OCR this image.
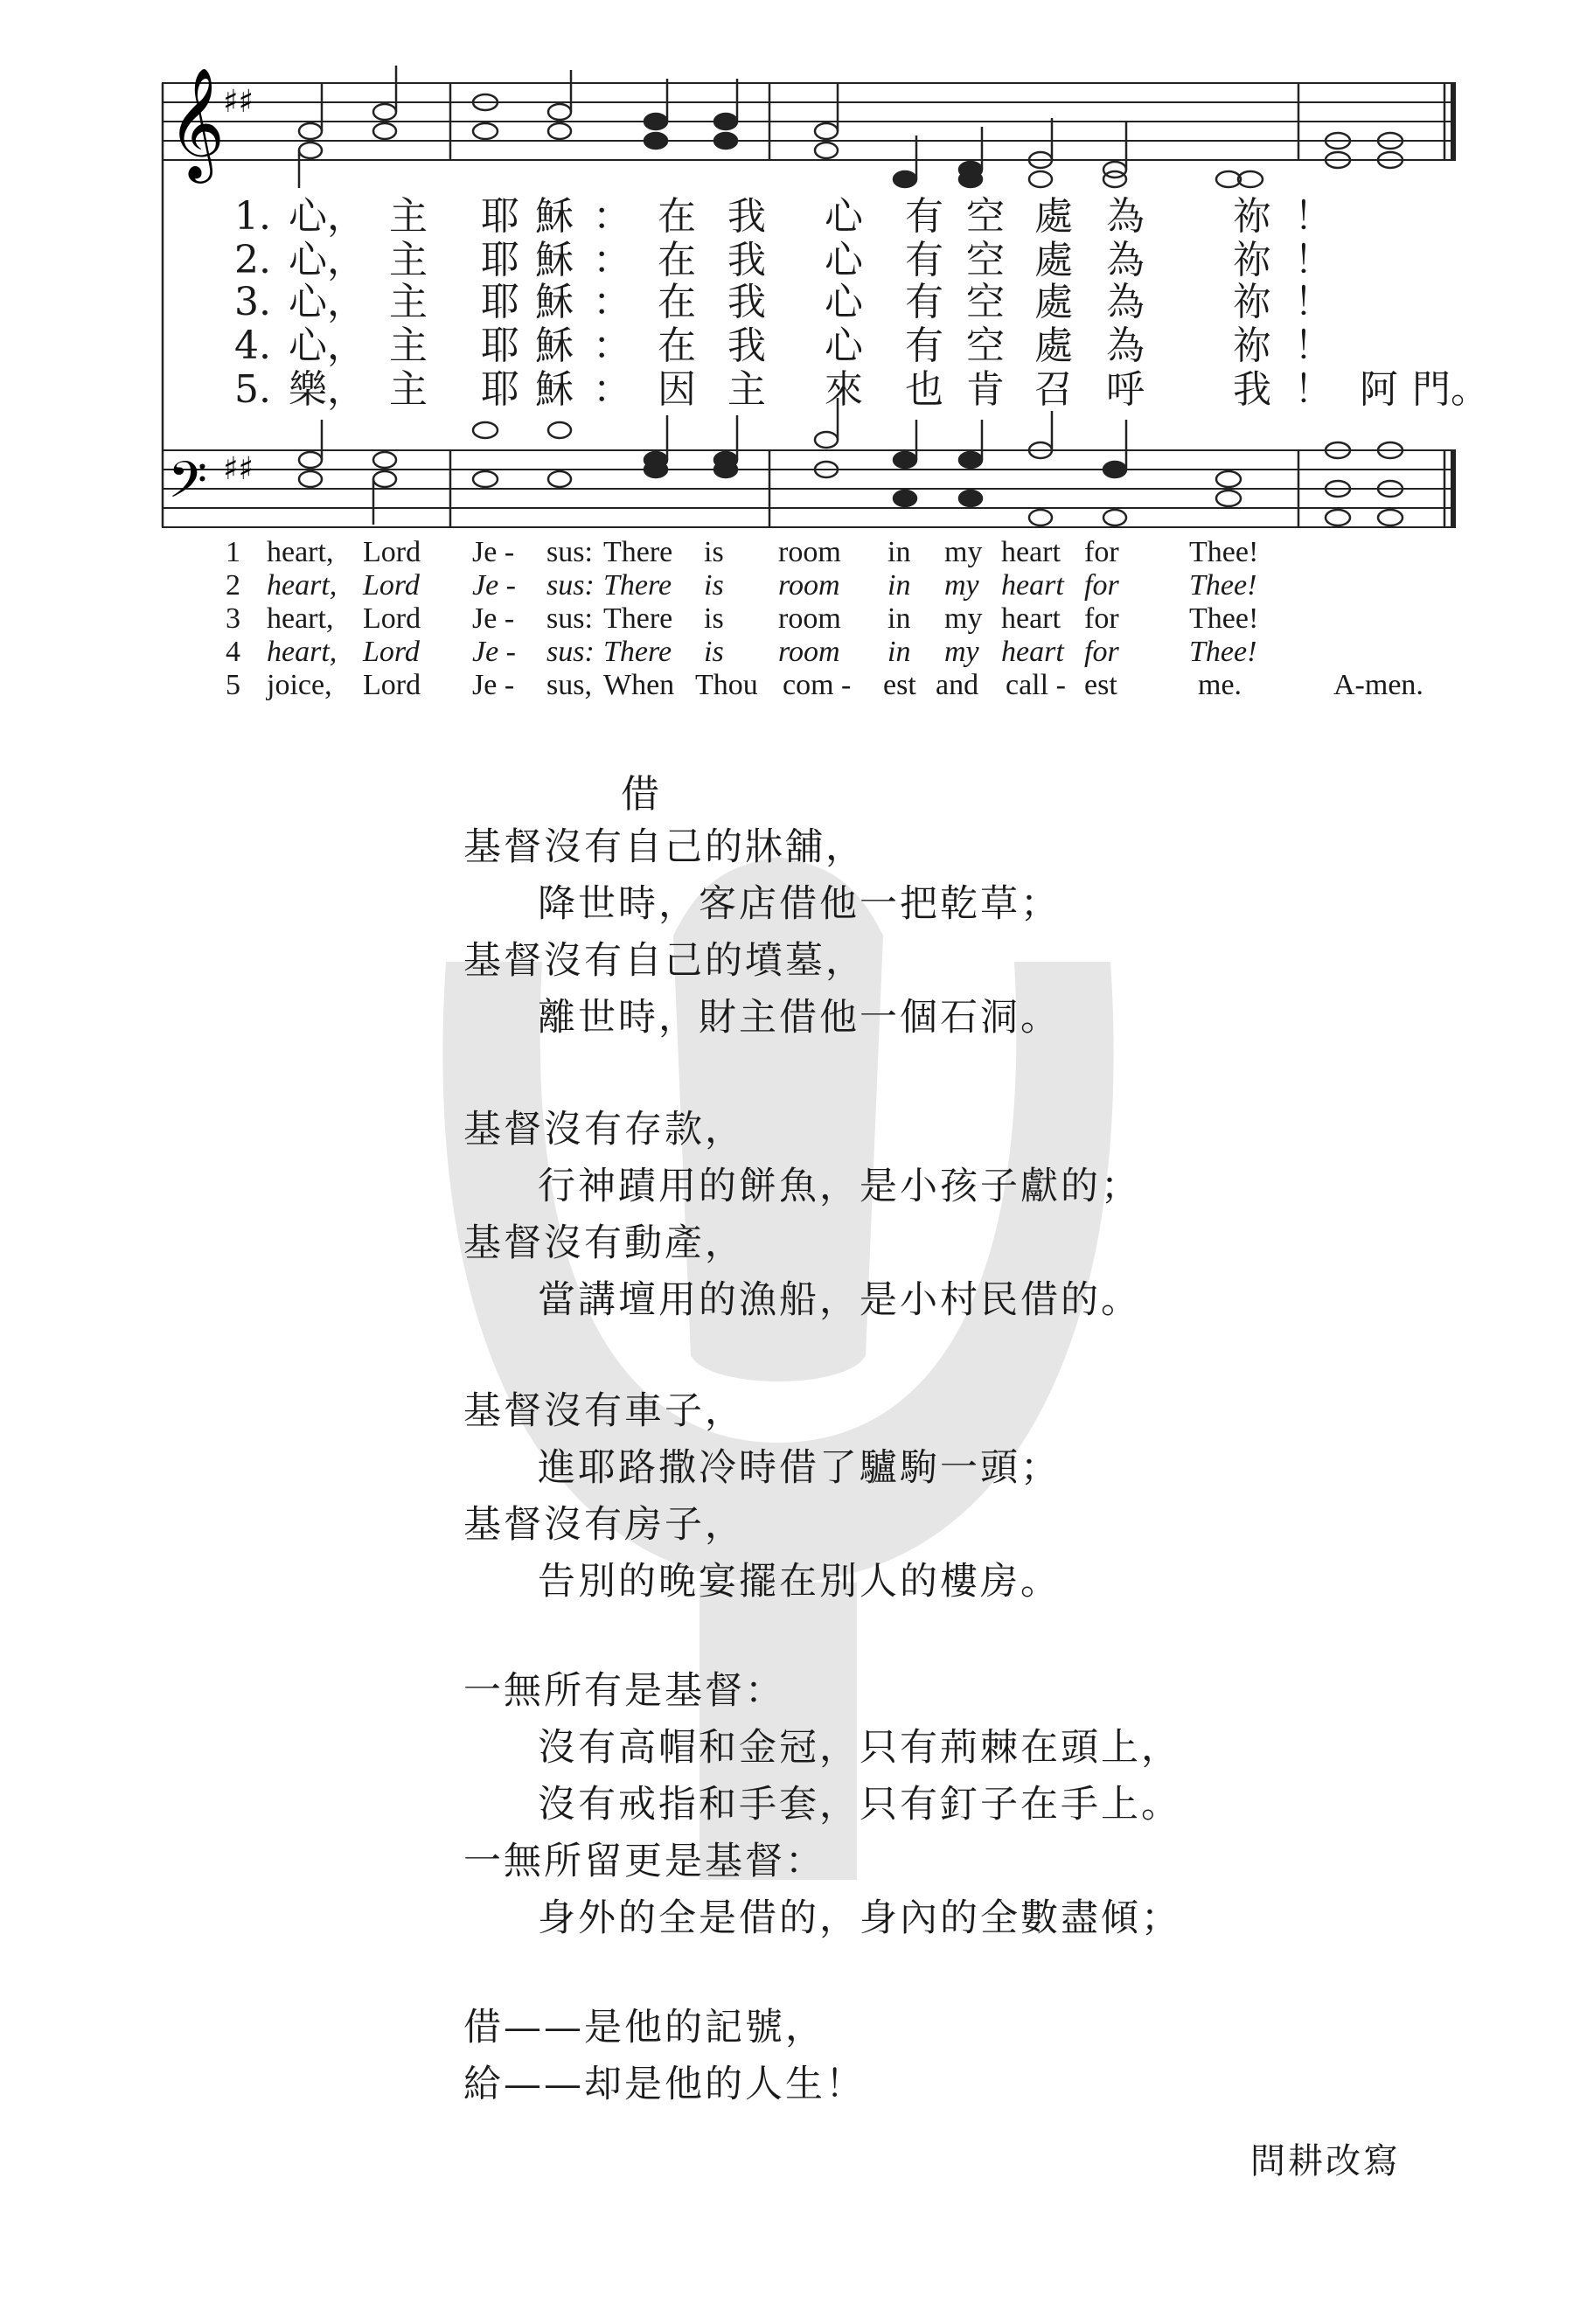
𝄞
𝄢
♯♯
♯♯
1. 心， 主 耶 穌 ： 在 我 心 有 空 處 為 祢 ！
2. 心， 主 耶 穌 ： 在 我 心 有 空 處 為 祢 ！
3. 心， 主 耶 穌 ： 在 我 心 有 空 處 為 祢 ！
4. 心， 主 耶 穌 ： 在 我 心 有 空 處 為 祢 ！
5. 樂， 主 耶 穌 ： 因 主 來 也 肯 召 呼 我 ！ 阿 門。
1 heart, Lord Je - sus: There is room in my heart for Thee!
2 heart, Lord Je - sus: There is room in my heart for Thee!
3 heart, Lord Je - sus: There is room in my heart for Thee!
4 heart, Lord Je - sus: There is room in my heart for Thee!
5 joice, Lord Je - sus, When Thou com - est and call - est	me.	A-men.
借
基督沒有自己的牀舖，
降世時，客店借他一把乾草；
基督沒有自己的墳墓，
離世時，財主借他一個石洞。
基督沒有存款，
行神蹟用的餅魚，是小孩子獻的；
基督沒有動產，
當講壇用的漁船，是小村民借的。
基督沒有車子，
進耶路撒冷時借了驢駒一頭；
基督沒有房子，
告別的晚宴擺在別人的樓房。
一無所有是基督：
沒有高帽和金冠，只有荊棘在頭上，
沒有戒指和手套，只有釘子在手上。
一無所留更是基督：
身外的全是借的，身內的全數盡傾；
借——是他的記號，
給——却是他的人生！
問耕改寫
